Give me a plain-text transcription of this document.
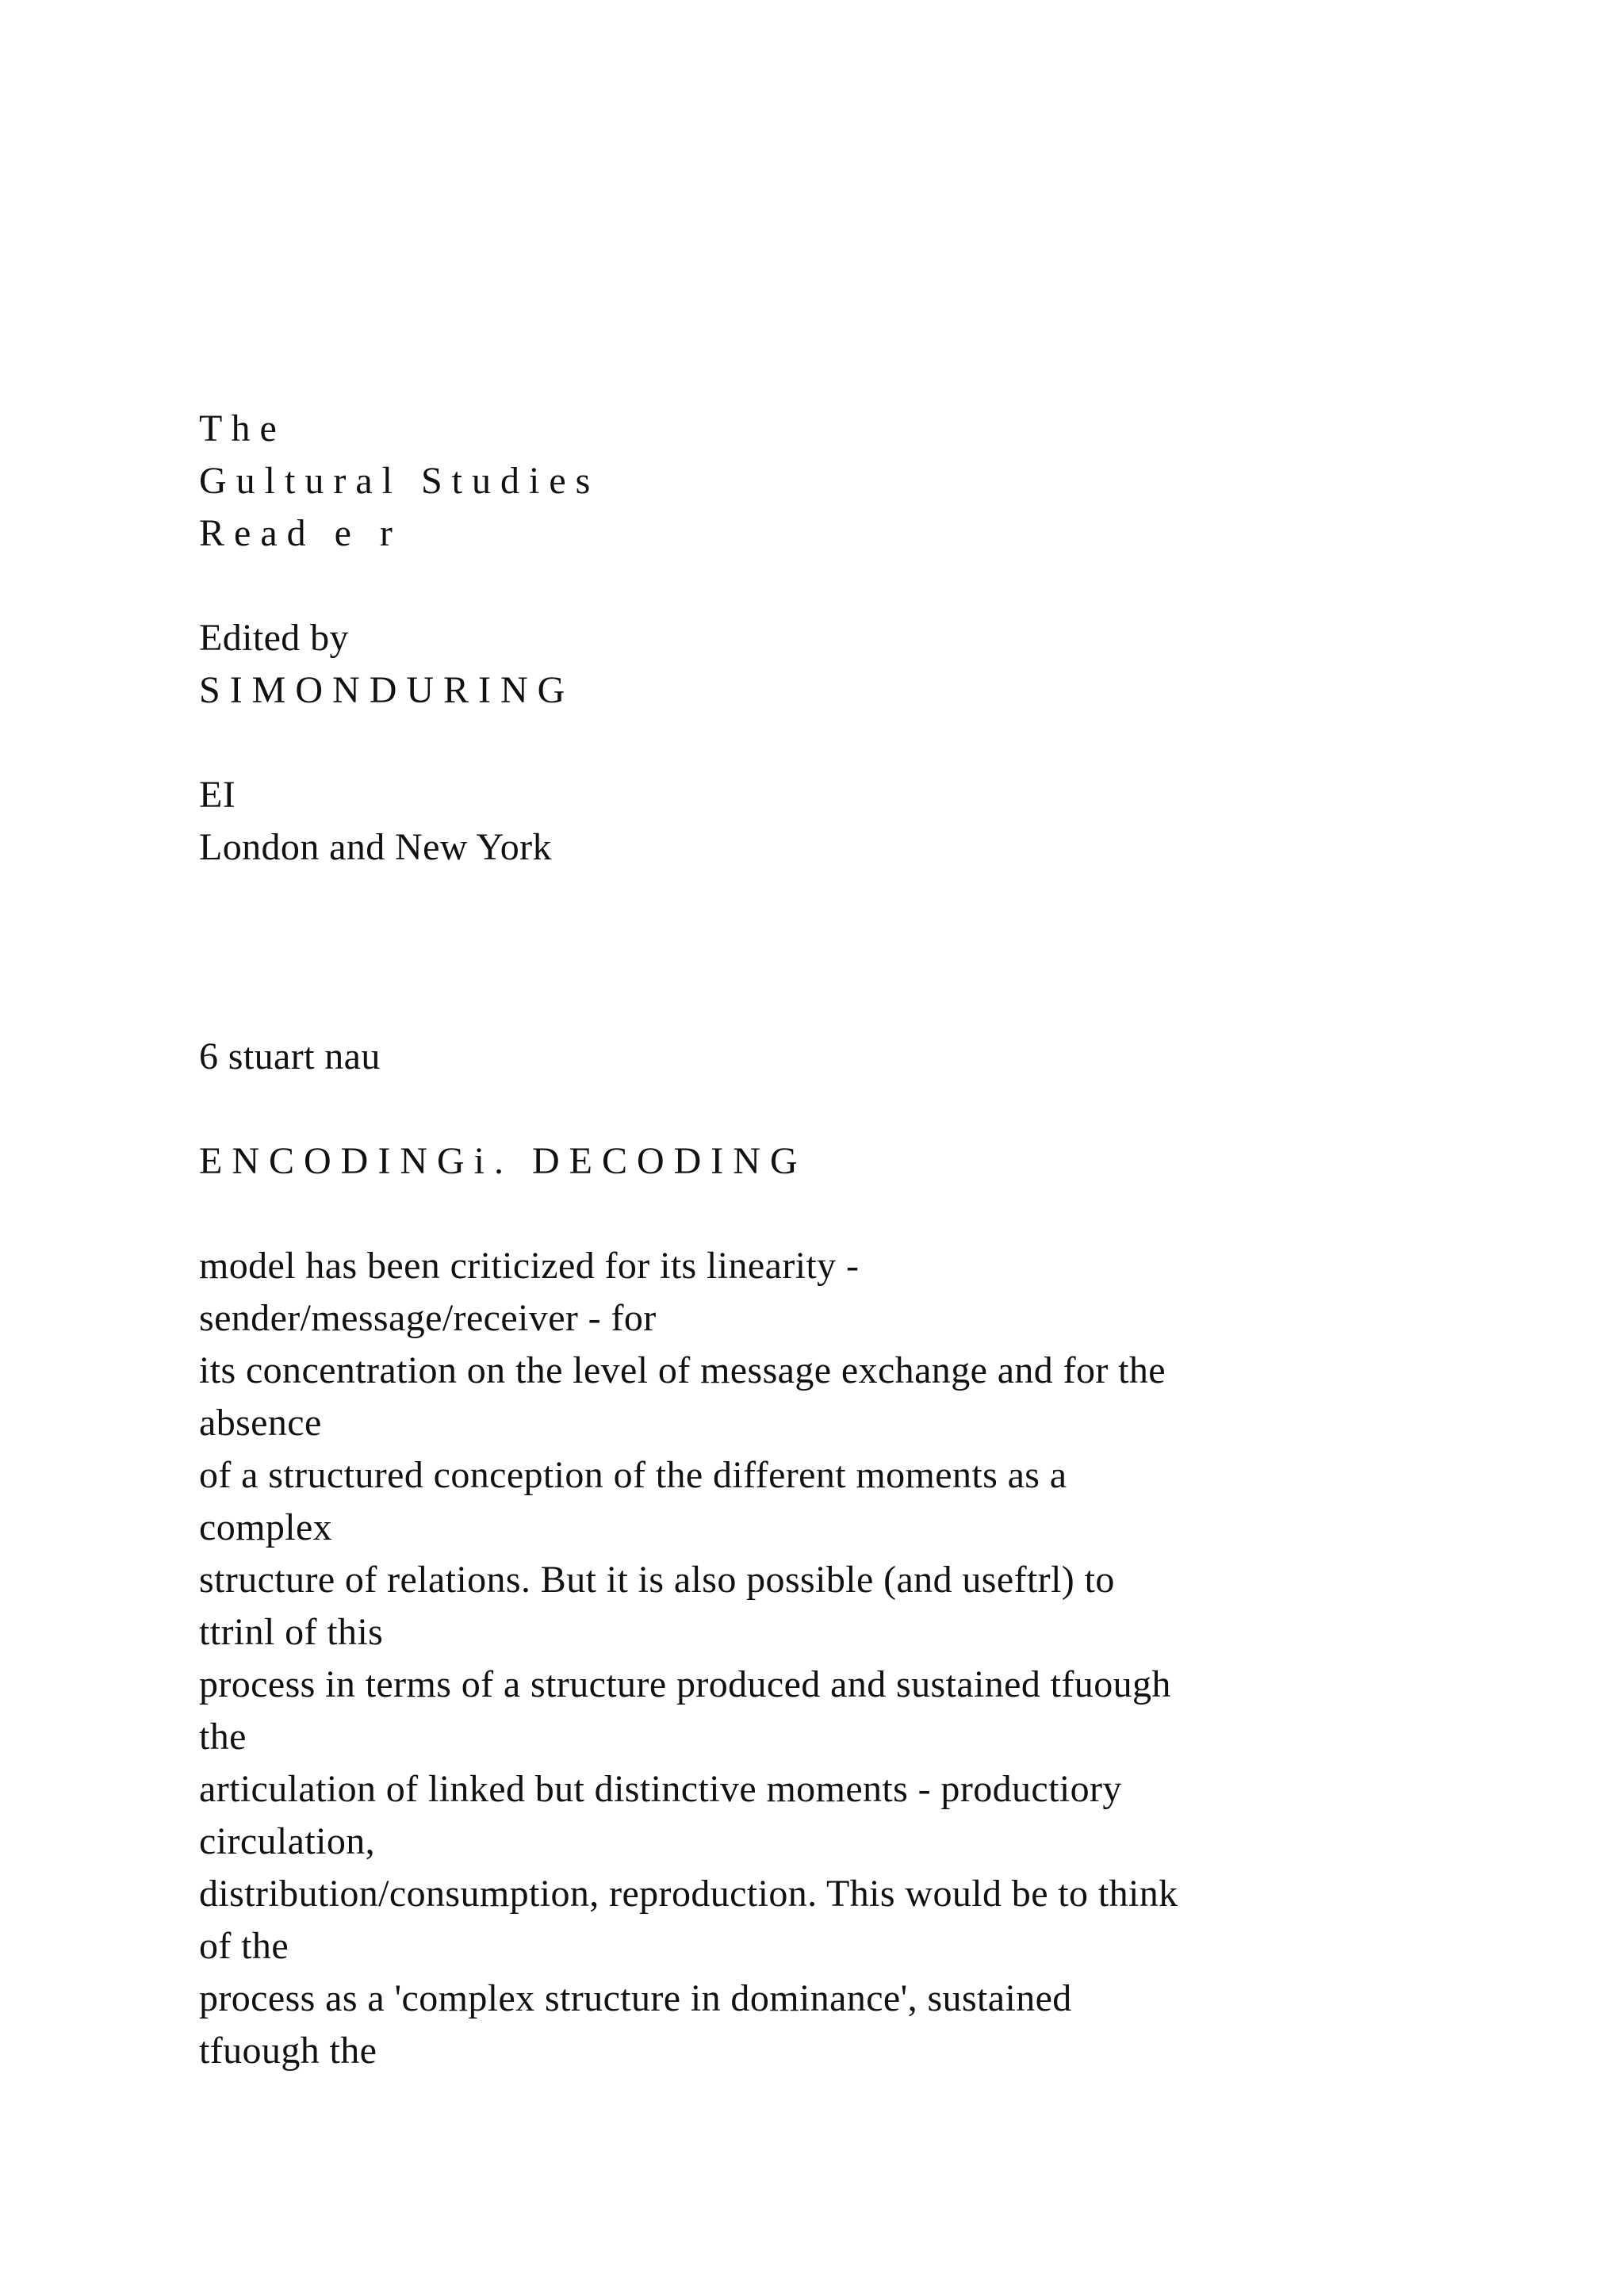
T h e
G u l t u r a l   S t u d i e s
R e a d   e   r
Edited by
S I M O N D U R I N G
EI
London and New York
6 stuart nau
E N C O D I N G i .   D E C O D I N G
model has been criticized for its linearity -
sender/message/receiver - for
its concentration on the level of message exchange and for the
absence
of a structured conception of the different moments as a
complex
structure of relations. But it is also possible (and useftrl) to
ttrinl of this
process in terms of a structure produced and sustained tfuough
the
articulation of linked but distinctive moments - productiory
circulation,
distribution/consumption, reproduction. This would be to think
of the
process as a 'complex structure in dominance', sustained
tfuough the
